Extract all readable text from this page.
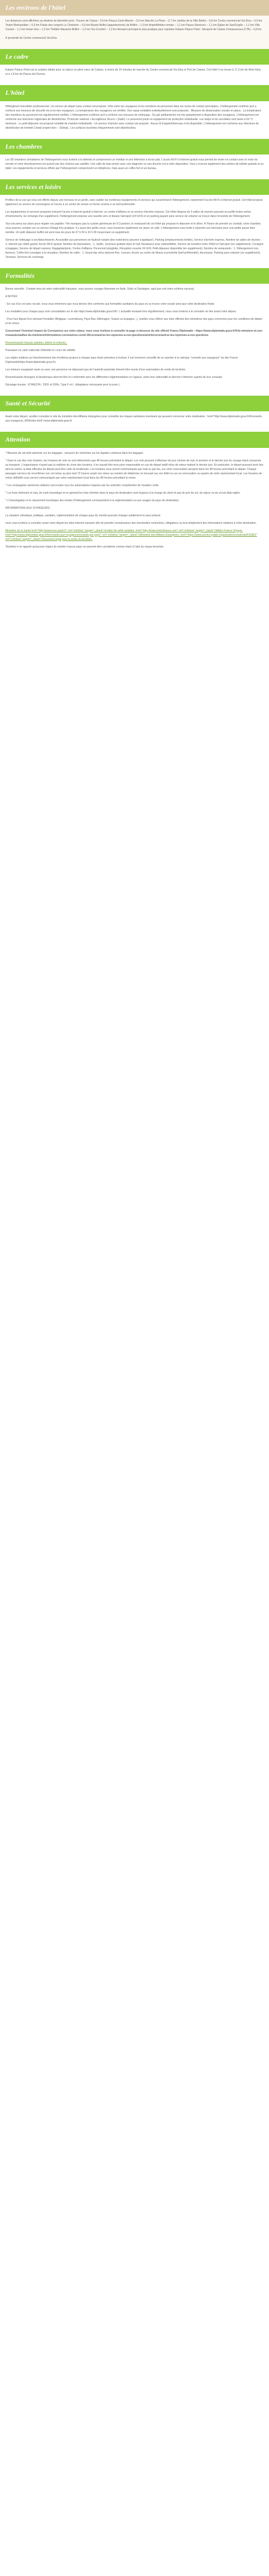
Les environs de l'hôtel

Les distances sont affichées au dixième de kilomètre près. Trouver de Caluso : 0,5 km Piazza Carlo Alberto – 0,5 km Marché La Piave – 0,7 km Jardins de la Villa Bellini – 0,8 km Centre commercial Via Etna – 0,9 km Teatro Metropolitan – 0,9 km Palais des congrès Le Ciminiere – 0,9 km Musée Bellini (appartements) de Bellini – 1,0 km Amphithéâtre romain – 1,1 km Piazza Stesicoro – 1,1 km Église de Sant'Euplio – 1,1 km Villa Cerami – 1,1 km Ionian Sea – 1,2 km Théâtre Massimo Bellini – 1,2 km Via Crociferi – 1,2 km Aéroport principal le plus pratique pour rejoindre Katane Palace Hotel : Aéroport de Catane Fontanarossa (CTA) – 6,8 km

À proximité de Centre commercial Via Etna

Le cadre

Katane Palace Hotel est la solution idéale pour un séjour en plein cœur de Catane, à moins de 10 minutes de marche du Centre commercial Via Etna et Port de Catane. Cet hôtel 4 se trouve à 17,3 km de Mont Etna et à 1,8 km de Piazza del Duomo.

L'hôtel

Hôte/gérant immobilier professionnel. Un service de départ sans contact est proposé. Vitre entre les voyageurs et les membres du personnel dans les zones de contact principales. L'hébergement confirme qu'il a renforcé ses mesures de sécurité vis-à-vis des voyageurs. La température des voyageurs est vérifiée. Des repas emballés individuellement sont proposés . Mesures de distanciation sociale en place.. La température des membres du personnel est régulièrement vérifiée. L'hébergement confirme qu'il a renforcé ses mesures de nettoyage.. Du gel antibactérien est mis gratuitement à disposition des voyageurs. L'hébergement est conforme aux directives régionales de désinfection. Protocole national « Accoglienza Sicura » (Italie). Le personnel porte un équipement de protection individuelle. Les draps et les serviettes sont lavés à 60 °C minimum.. Le petit-déjeuner est proposé emballé de manière individuelle.. Un service d'arrivée sans contact est proposé.. Aucun lit d'appoint/berceau n'est disponible. L'hébergement est conforme aux directives de désinfection de Intertek Cristal (expert tiers – Global).. Les surfaces touchées fréquemment sont désinfectées.

Les chambres

Les 58 chambres climatisées de l'hébergement vous invitent à la détente et comprennent un minibar et une télévision à écran plat. L'accès Wi-Fi à Internet gratuit vous permet de rester en contact avec le reste du monde et votre divertissement est assuré par des chaînes par satellite. Une salle de bain privée avec une baignoire ou une douche est à votre disposition. Vous y trouvez également des articles de toilette gratuits et un bidet. Les équipements et services offerts par l'hébergement comprennent un téléphone, mais aussi un coffre-fort et un bureau.

Les services et loisirs

Profitez de la vue qui vous est offerte depuis une terrasse et un jardin, sans oublier les nombreux équipements et services qui caractérisent l'hébergement, notamment l'accès Wi-Fi à Internet gratuit. Cet hôtel propose également un service de conciergerie et l'accès à un centre de remise en forme soumis à un tarif préférentiel.

Les équipements et services proposés incluent l'accès à Internet gratuit à Internet, un centre d'affaires et un service d'arrivée express. Cet hôtel dispose de 3 salles de réunion pouvant accueillir toutes sortes d'événements. En échange d'un supplément, l'hébergement propose une navette vers et depuis l'aéroport (24 h/24) et un parking payant sans service de voiturier se trouve dans l'enceinte de l'hébergement.

Tout est prévu sur place pour régaler vos papilles ! Ne manquez pas la cuisine généreuse de Il Cuciniere, le restaurant de cet hôtel qui propose le déjeuner et le dîner. À l'heure de prendre un cocktail, votre chambre, vous pourrez compter sur un service d'étage très pratique. Il y aussi des petits creux, vous trouverez également sur place un café. L'hébergement vous invite à rejoindre son bar/salon pour une petite pause bien méritée. Un petit déjeuner buffet est servi tous les jours de 07 h 00 à 10 h 00 moyennant un supplément.

Service de nettoyage à sec/blanchisserie, Accessible aux personnes en fauteuil roulant (des restrictions peuvent s'appliquer), Parking (emplacements limités), Service d'arrivée express, Nombre de salles de réunion : 3, Internet par câble gratuit, Accès Wi-Fi gratuit, Nombre de bars/salons : 1, Jardin, Journaux gratuits dans le hall, Assistance pour visites/billets, Service de transfert entre l'hôtel et l'aéroport (en supplément), Consigne à bagages, Service de départ express, Bagagiste/porte, Centre d'affaires, Personnel polyglotte, Réception ouverte 24 h/24, Petit-déjeuner disponible (en supplément), Nombre de restaurants : 1, Hébergement non-fumeurs, Coffre-fort (consigne à la réception, Nombre de cafés : 1, Snack-bar et/ou épicerie fine, Livreurs, Accès au centre de fitness à proximité (tarif préférentiel), Ascenseur, Parking sans voiturier (en supplément), Terrasse, Services de concierge

Formalités

Bonne nouvelle : Compte tenu de votre nationalité française, vous pouvez voyager librement en Italie, Sicile et Sardaigne, quel que soit votre schéma vaccinal.

A NOTER

- En cas d'un vol avec escale, nous vous informons que vous devrez être conforme aux formalités sanitaires du pays où se trouve votre escale ainsi que votre destination finale.

Les modalités pour chaque pays sont consultables sur le site https://www.diplomatie.gouv.fr/fr/. L'actualité évoluant très régulièrement, nous vous invitons à le consulter en lien avant votre départ.

- Pour tout départ d'un aéroport frontalier (Belgique, Luxembourg, Pays-Bas, Allemagne, Suisse ou Espagne...), veuillez vous référer aux sites officiels des ministères des pays concernés pour les conditions de départ et de retour.

Concernant l'éventuel impact du Coronavirus sur votre séjour, nous vous invitons à consulter la page ci-dessous du site officiel France Diplomatie : https://www.diplomatie.gouv.fr/fr/le-ministere-et-son-reseau/actualites-du-ministere/informations-coronavirus-covid-19/coronavirus-les-reponses-a-vos-questions/article/coronavirus-les-reponses-a-vos-questions

Ressortissants français (adultes, bébés et enfants) :

Passeport ou carte nationale d'identité en cours de validité.

Les règles relatives au franchissement des frontières propres à chaque pays étant amenées à évoluer, il est vivement conseillé de se reporter à la rubrique "conseils aux voyageurs" du site France Diplomatie(https://www.diplomatie.gouv.fr).

Les mineurs voyageant seuls ou avec une personne ne disposant pas de l'autorité parentale doivent être munis d'une autorisation de sortie de territoire.

Ressortissants étrangers et binationaux devront être en conformité avec les différentes réglementations en vigueur, selon leur nationalité et devront s'informer auprès de leur consulat.

Décalage horaire : ETA/ESTA : 230V et 50Hz, Type F et L. Adaptateur nécessaire pour la prise L.

Santé et Sécurité

Avant votre départ, veuillez consulter le site du ministère des Affaires étrangères pour connaître les risques sanitaires éventuels qui peuvent concerner votre destination : href="http://www.diplomatie.gouv.fr/fr/conseils-aux-voyageurs_909/index.html">www.diplomatie.gouv.fr

Attention

* Mesures de sécurité aérienne sur les bagages : mesures de restriction sur les liquides contenus dans les bagages

* Dans le cas des vols charters, les horaires de vols ne sont déterminés que 48 heures précédant le départ. Les vols peuvent s'effectuer de jour comme de nuit, le premier et le dernier jour du voyage étant consacrés au transport. L'organisateur n'ayant pas la maîtrise du choix des horaires, il ne saurait être tenu pour responsable en cas de départ tardif et/ou de retour matinal le dernier jour. En particulier, le départ pouvant avoir lieu tard en soirée, la date effective de départ peut être celle du lendemain. Les horaires vous seront communiqués par mail ou par fax, sur votre convocation aéroport dans les 48 heures précédant le départ. Chaque passager est tenu de reconfirmer son vol retour au plus tard 72 heures avant son retour au numéro de téléphone se trouvant sur son billet ou sur sa convocation ou auprès de notre représentant local. Les horaires de retour définitifs vous seront communiqués par notre représentant local dans les 48 heures précédant le retour.

* Les compagnies aériennes utilisées sont toutes reçu les autorisations requises par les autorités compétentes de l'aviation civile.

* Les frais inhérents et visa, de carte touristique et en général les frais d'entrée dans le pays de destination sont toujours à la charge du client et pas du prix du vol, du séjour ou du circuit déjà réglés.

* L'homologation et le classement touristique des modes d'hébergement correspondent à la réglementation ou aux usages du pays de destination.

INFORMATIONS AUX VOYAGEURS :

La situation climatique, politique, sanitaire, réglementation de chaque pays du monde pouvant changer subitement et sans préavis

nous vous invitons à consulter avant votre départ les sites Internet suivants afin de prendre connaissance des éventuelles restrictions, obligations ou tout simplement des informations relatives à votre destination.

Ministère de la Santé href="http://www.invs.sante.fr" rel="nofollow" target="_blank">Institut de veille sanitaire, href="http://www.meteofrance.com" rel="nofollow" target="_blank">Météo France Voyage, href="http://www.diplomatie.gouv.fr/fr/conseils-aux-voyageurs/conseils-par-pays/" rel="nofollow" target="_blank">Ministère des Affaires Étrangères, href="https://www.service-public.fr/particuliers/vosdroits/F32803" rel="nofollow" target="_blank">Document légal pour la sortie du territoire.

Toutefois il ne rappelé qu'aucune région du monde n'aucun pays ne peuvent être considérés comme étant à l'abri du risque terroriste.
